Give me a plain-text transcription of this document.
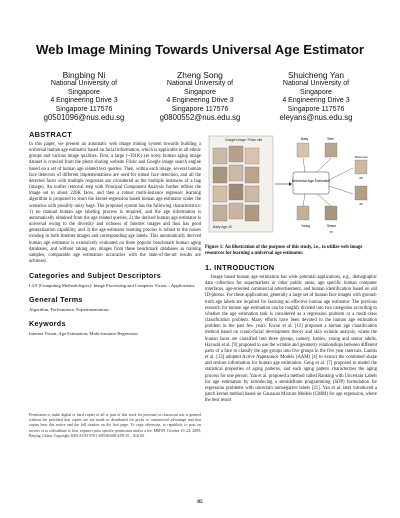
Web Image Mining Towards Universal Age Estimator
Bingbing Ni
National University of
Singapore
4 Engineering Drive 3
Singapore 117576
g0501096@nus.edu.sg
Zheng Song
National University of
Singapore
4 Engineering Drive 3
Singapore 117576
g0800552@nus.edu.sg
Shuicheng Yan
National University of
Singapore
4 Engineering Drive 3
Singapore 117576
eleyans@nus.edu.sg
ABSTRACT

In this paper, we present an automatic web image mining system towards building a universal human age estimator based on facial information, which is applicable to all ethnic groups and various image qualities. First, a large (~391K) yet noisy human aging image dataset is crawled from the photo sharing website Flickr and Google image search engine based on a set of human age related text queries. Then, within each image, several human face detectors of different implementations are used for robust face detection, and all the detected faces with multiple responses are considered as the multiple instances of a bag (image). An outlier removal step with Principal Component Analysis further refines the image set to about 220K faces, and then a robust multi-instance regressor learning algorithm is proposed to learn the kernel-regression based human age estimator under the scenarios with possibly noisy bags. The proposed system has the following characteristics: 1) no manual human age labeling process is required, and the age information is automatically obtained from the age related queries, 2) the derived human age estimator is universal owing to the diversity and richness of Internet images and thus has good generalization capability, and 3) the age estimator learning process is robust to the noises existing in both Internet images and corresponding age labels. This automatically derived human age estimator is extensively evaluated on three popular benchmark human aging databases, and without taking any images from these benchmark databases as training samples, comparable age estimation accuracies with the state-of-the-art results are achieved.

Categories and Subject Descriptors

I.4.9 [Computing Methodologies]: Image Processing and Computer Vision—Applications

General Terms

Algorithm, Performance, Experimentations

Keywords

Internet Vision, Age Estimation, Multi-instance Regression

Permission to make digital or hard copies of all or part of this work for personal or classroom use is granted without fee provided that copies are not made or distributed for profit or commercial advantage and that copies bear this notice and the full citation on the first page. To copy otherwise, to republish, to post on servers or to redistribute to lists, requires prior specific permission and/or a fee. MM'09, October 19–24, 2009, Beijing, China. Copyright 2009 ACM 978-1-60558-608-3/09/10 ...$10.00.
Google image / Flickr site
Baby Age 40
Universal Age Estimator
Baby	Teen
Young	Senior
Returned
25
30
70
Figure 1: An illustration of the purpose of this study, i.e., to utilize web image resources for learning a universal age estimator.
1. INTRODUCTION

Image based human age estimation has wide potential applications, e.g., demographic data collection for supermarkets or other public areas, age specific human computer interfaces, age-oriented commercial advertisement, and human identification based on old ID-photos. For these applications, generally a large set of human face images with ground-truth age labels are required for learning an effective human age estimator. The previous research for human age estimation can be roughly divided into two categories according to whether the age estimation task is considered as a regression problem or a multi-class classification problem. Many efforts have been devoted to the human age estimation problem in the past few years. Kwon et al. [12] proposed a human age classification method based on cranio-facial development theory and skin wrinkle analysis, where the human faces are classified into three groups, namely, babies, young and senior adults. Hayashi et al. [9] proposed to use the wrinkle and geometry relationships between different parts of a face to classify the age groups into five groups in the five year intervals. Lanitis et al. [13] adopted Active Appearance Models (AAM) [4] to extract the combined shape and texture information for human age estimation. Geng et al. [7] proposed to model the statistical properties of aging patterns, and each aging pattern characterizes the aging process for one person. Yan et al. proposed a method called Ranking with Uncertain Labels for age estimation by introducing a semidefinite programming (SDP) formulation for regression problems with uncertain nonnegative labels [21]. Yan et al. later introduced a patch kernel method based on Gaussian Mixture Models (GMM) for age regression, where the best result

85
